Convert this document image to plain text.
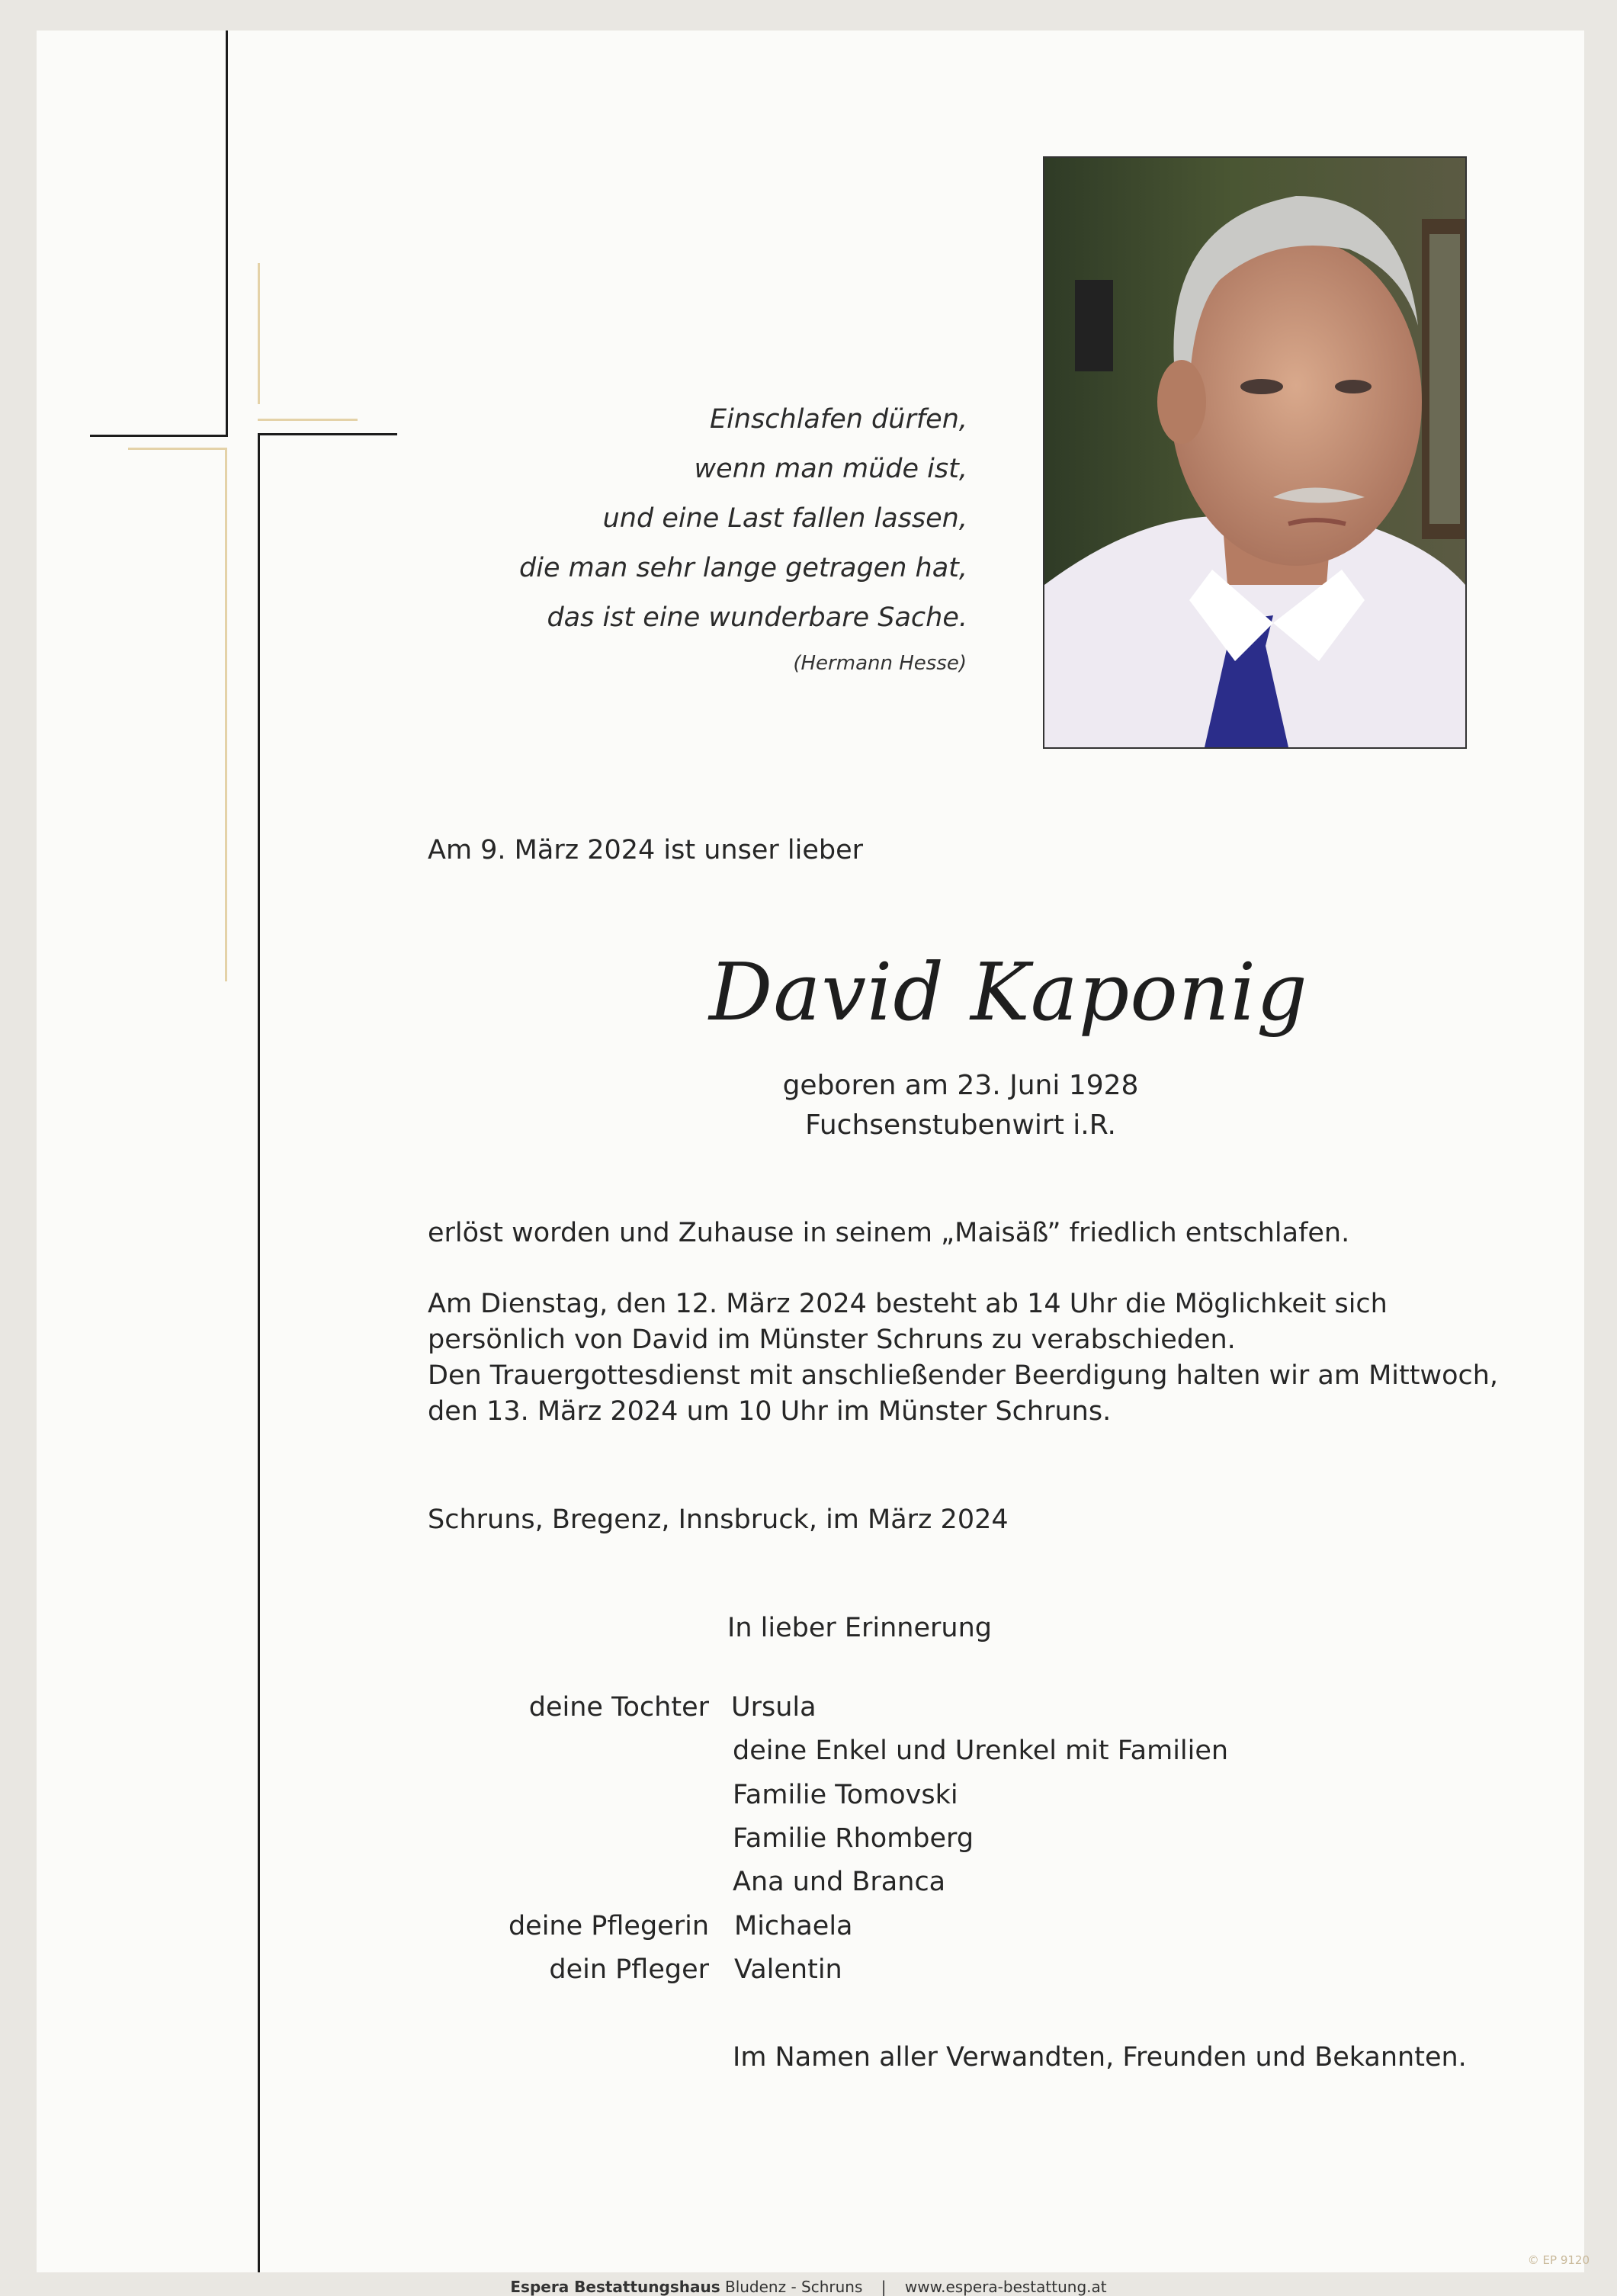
Einschlafen dürfen,
wenn man müde ist,
und eine Last fallen lassen,
die man sehr lange getragen hat,
das ist eine wunderbare Sache.
(Hermann Hesse)
Am 9. März 2024 ist unser lieber
David Kaponig
geboren am 23. Juni 1928
Fuchsenstubenwirt i.R.
erlöst worden und Zuhause in seinem „Maisäß” friedlich entschlafen.
Am Dienstag, den 12. März 2024 besteht ab 14 Uhr die Möglichkeit sich
persönlich von David im Münster Schruns zu verabschieden.
Den Trauergottesdienst mit anschließender Beerdigung halten wir am Mittwoch,
den 13. März 2024 um 10 Uhr im Münster Schruns.
Schruns, Bregenz, Innsbruck, im März 2024
In lieber Erinnerung
deine Tochter Ursula
deine Enkel und Urenkel mit Familien
Familie Tomovski
Familie Rhomberg
Ana und Branca
deine Pflegerin Michaela
dein Pfleger Valentin
Im Namen aller Verwandten, Freunden und Bekannten.
Espera Bestattungshaus Bludenz - Schruns | www.espera-bestattung.at
© EP 9120
